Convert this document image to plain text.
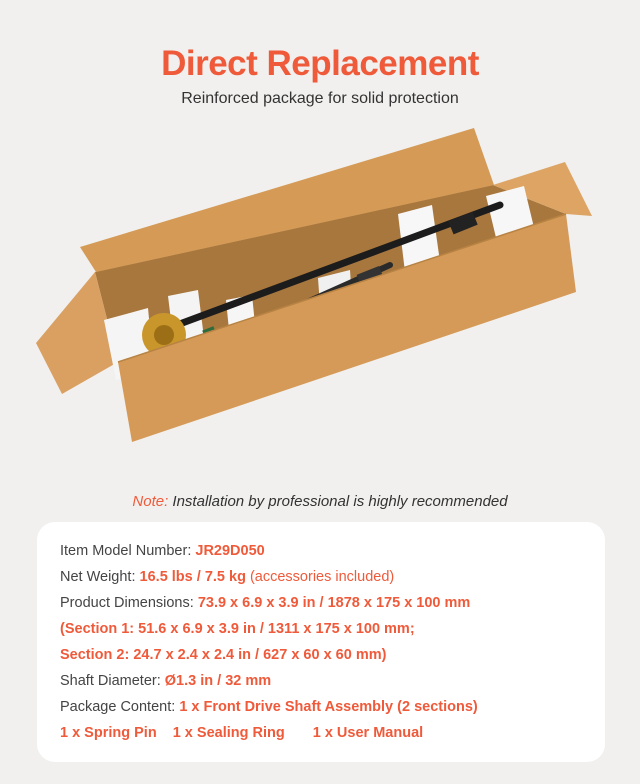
Direct Replacement
Reinforced package for solid protection
Note: Installation by professional is highly recommended
Item Model Number: JR29D050
Net Weight: 16.5 lbs / 7.5 kg (accessories included)
Product Dimensions: 73.9 x 6.9 x 3.9 in / 1878 x 175 x 100 mm
(Section 1: 51.6 x 6.9 x 3.9 in / 1311 x 175 x 100 mm;
Section 2: 24.7 x 2.4 x 2.4 in / 627 x 60 x 60 mm)
Shaft Diameter: Ø1.3 in / 32 mm
Package Content: 1 x Front Drive Shaft Assembly (2 sections)
1 x Spring Pin 1 x Sealing Ring 1 x User Manual
